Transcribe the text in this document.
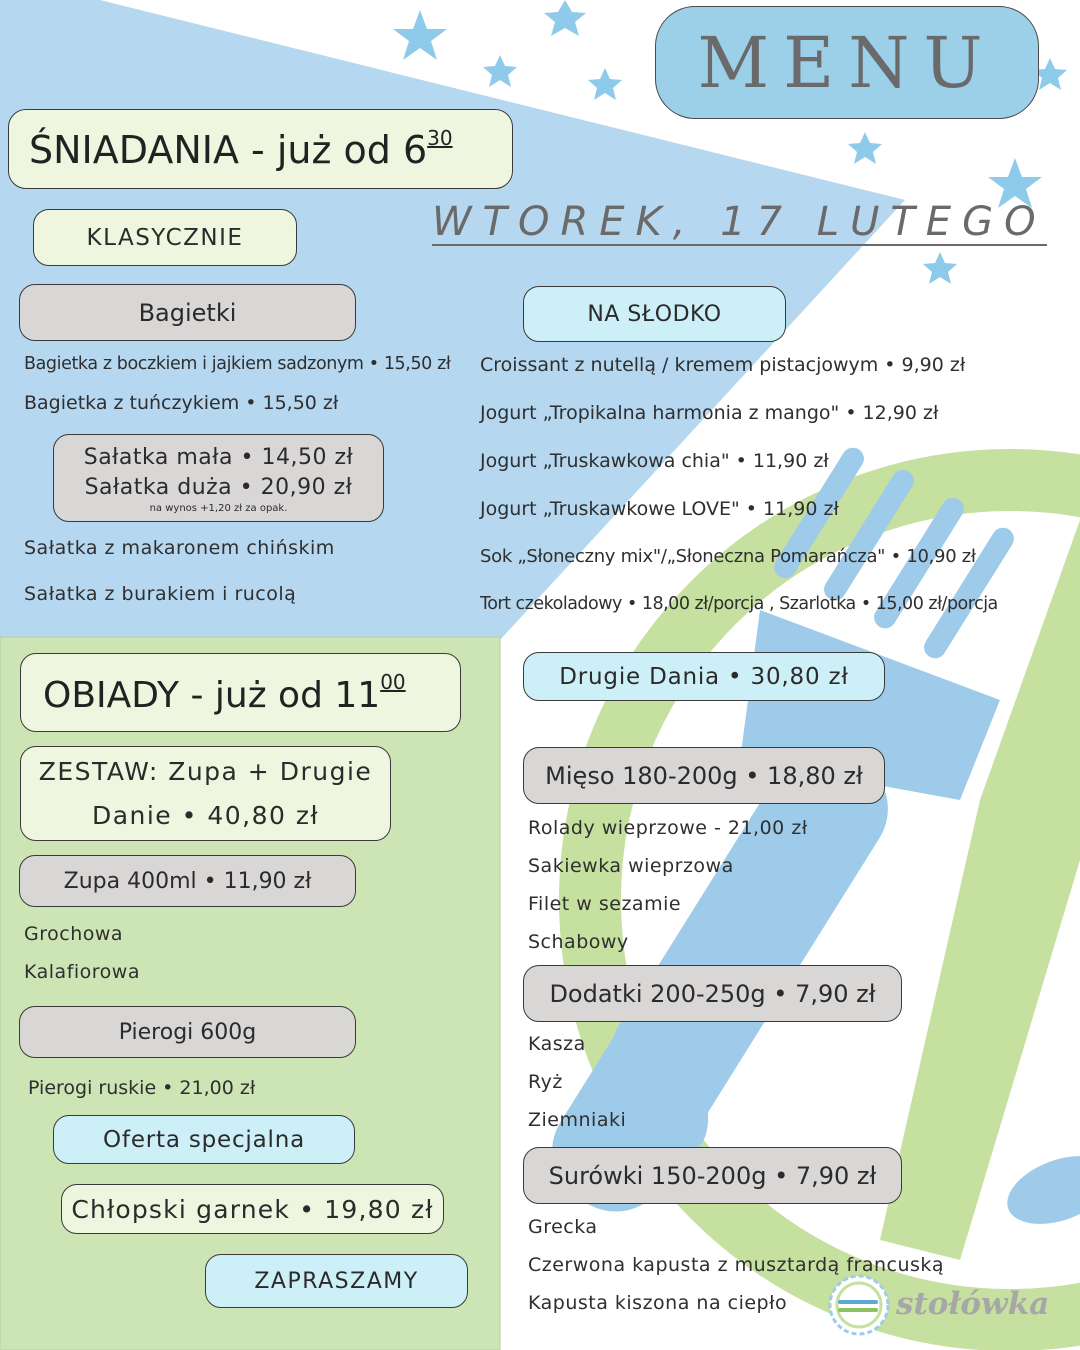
MENU
WTOREK, 17 LUTEGO
ŚNIADANIA - już od $6^{30}$
KLASYCZNIE
Bagietki
Bagietka z boczkiem i jajkiem sadzonym • 15,50 zł
Bagietka z tuńczykiem • 15,50 zł
Sałatka mała • 14,50 zł
Sałatka duża • 20,90 zł
na wynos +1,20 zł za opak.
Sałatka z makaronem chińskim
Sałatka z burakiem i rucolą
NA SŁODKO
Croissant z nutellą / kremem pistacjowym • 9,90 zł
Jogurt „Tropikalna harmonia z mango" • 12,90 zł
Jogurt „Truskawkowa chia" • 11,90 zł
Jogurt „Truskawkowe LOVE" • 11,90 zł
Sok „Słoneczny mix"/„Słoneczna Pomarańcza" • 10,90 zł
Tort czekoladowy • 18,00 zł/porcja , Szarlotka • 15,00 zł/porcja
OBIADY - już od $11^{00}$
ZESTAW: Zupa + Drugie
Danie • 40,80 zł
Zupa 400ml • 11,90 zł
Grochowa
Kalafiorowa
Pierogi 600g
Pierogi ruskie • 21,00 zł
Oferta specjalna
Chłopski garnek • 19,80 zł
ZAPRASZAMY
Drugie Dania • 30,80 zł
Mięso 180-200g • 18,80 zł
Rolady wieprzowe - 21,00 zł
Sakiewka wieprzowa
Filet w sezamie
Schabowy
Dodatki 200-250g • 7,90 zł
Kasza
Ryż
Ziemniaki
Surówki 150-200g • 7,90 zł
Grecka
Czerwona kapusta z musztardą francuską
Kapusta kiszona na ciepło	stołówka
